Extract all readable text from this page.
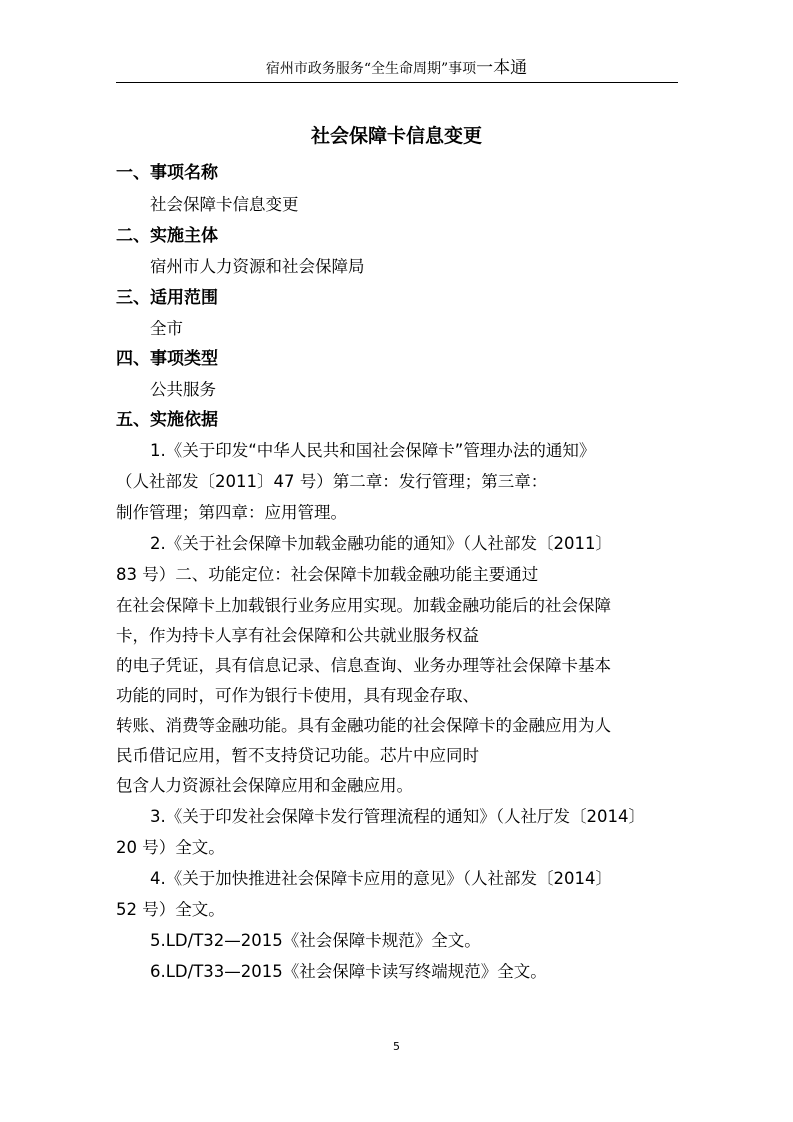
宿州市政务服务“全生命周期”事项一本通
社会保障卡信息变更
一、事项名称
社会保障卡信息变更
二、实施主体
宿州市人力资源和社会保障局
三、适用范围
全市
四、事项类型
公共服务
五、实施依据
1.《关于印发“中华人民共和国社会保障卡”管理办法的通知》
（人社部发〔2011〕47 号）第二章：发行管理；第三章：
制作管理；第四章：应用管理。
2.《关于社会保障卡加载金融功能的通知》（人社部发〔2011〕
83 号）二、功能定位：社会保障卡加载金融功能主要通过
在社会保障卡上加载银行业务应用实现。加载金融功能后的社会保障
卡，作为持卡人享有社会保障和公共就业服务权益
的电子凭证，具有信息记录、信息查询、业务办理等社会保障卡基本
功能的同时，可作为银行卡使用，具有现金存取、
转账、消费等金融功能。具有金融功能的社会保障卡的金融应用为人
民币借记应用，暂不支持贷记功能。芯片中应同时
包含人力资源社会保障应用和金融应用。
3.《关于印发社会保障卡发行管理流程的通知》（人社厅发〔2014〕
20 号）全文。
4.《关于加快推进社会保障卡应用的意见》（人社部发〔2014〕
52 号）全文。
5.LD/T32—2015《社会保障卡规范》全文。
6.LD/T33—2015《社会保障卡读写终端规范》全文。
5
